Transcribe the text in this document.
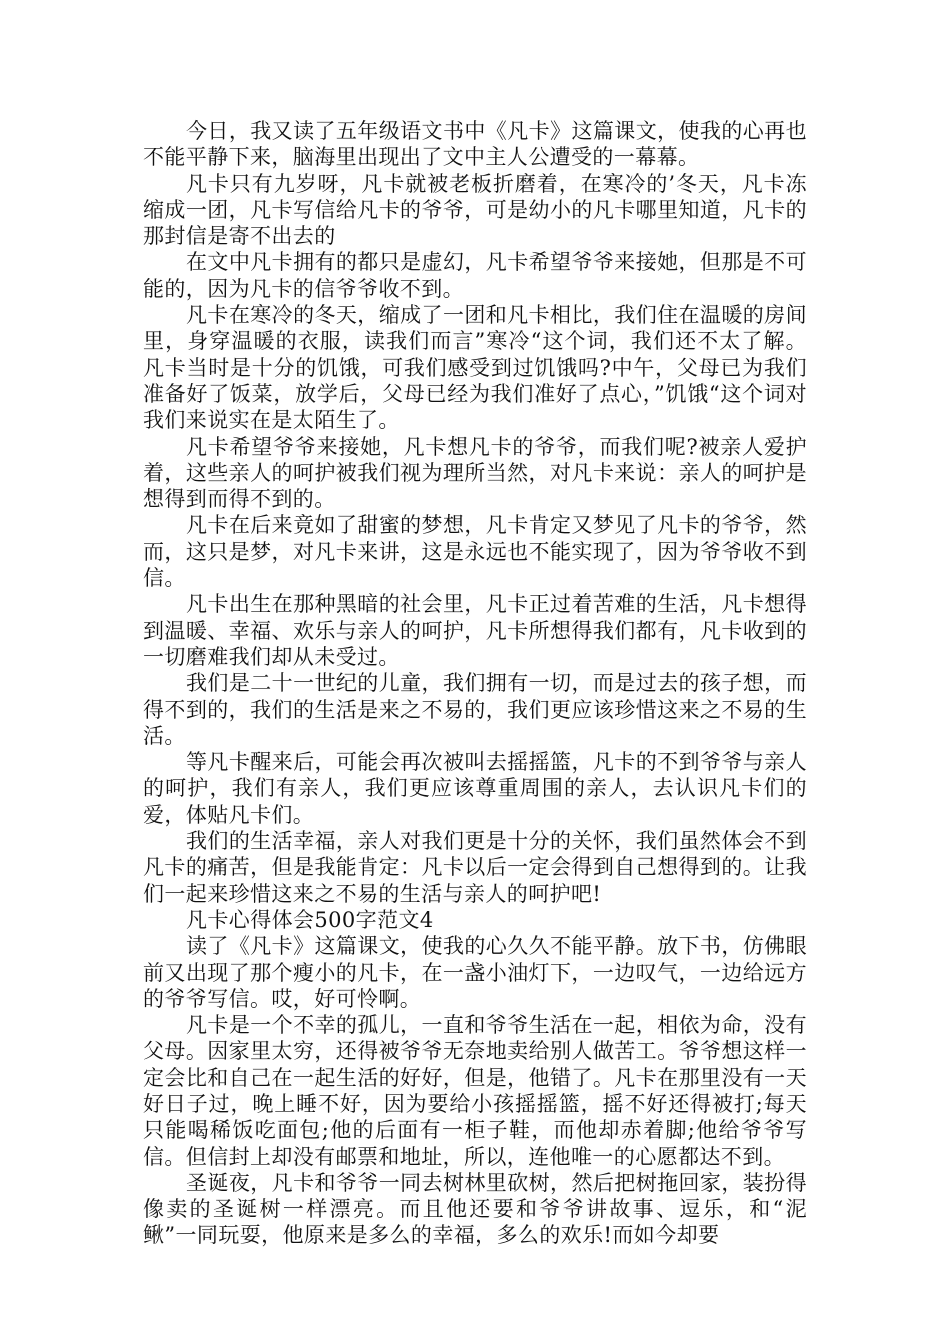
今日，我又读了五年级语文书中《凡卡》这篇课文，使我的心再也不能平静下来，脑海里出现出了文中主人公遭受的一幕幕。

凡卡只有九岁呀，凡卡就被老板折磨着，在寒冷的’冬天，凡卡冻缩成一团，凡卡写信给凡卡的爷爷，可是幼小的凡卡哪里知道，凡卡的那封信是寄不出去的

在文中凡卡拥有的都只是虚幻，凡卡希望爷爷来接她，但那是不可能的，因为凡卡的信爷爷收不到。

凡卡在寒冷的冬天，缩成了一团和凡卡相比，我们住在温暖的房间里，身穿温暖的衣服，读我们而言”寒冷“这个词，我们还不太了解。凡卡当时是十分的饥饿，可我们感受到过饥饿吗?中午，父母已为我们准备好了饭菜，放学后，父母已经为我们准好了点心，”饥饿“这个词对我们来说实在是太陌生了。

凡卡希望爷爷来接她，凡卡想凡卡的爷爷，而我们呢?被亲人爱护着，这些亲人的呵护被我们视为理所当然，对凡卡来说：亲人的呵护是想得到而得不到的。

凡卡在后来竟如了甜蜜的梦想，凡卡肯定又梦见了凡卡的爷爷，然而，这只是梦，对凡卡来讲，这是永远也不能实现了，因为爷爷收不到信。

凡卡出生在那种黑暗的社会里，凡卡正过着苦难的生活，凡卡想得到温暖、幸福、欢乐与亲人的呵护，凡卡所想得我们都有，凡卡收到的一切磨难我们却从未受过。

我们是二十一世纪的儿童，我们拥有一切，而是过去的孩子想，而得不到的，我们的生活是来之不易的，我们更应该珍惜这来之不易的生活。

等凡卡醒来后，可能会再次被叫去摇摇篮，凡卡的不到爷爷与亲人的呵护，我们有亲人，我们更应该尊重周围的亲人，去认识凡卡们的爱，体贴凡卡们。

我们的生活幸福，亲人对我们更是十分的关怀，我们虽然体会不到凡卡的痛苦，但是我能肯定：凡卡以后一定会得到自己想得到的。让我们一起来珍惜这来之不易的生活与亲人的呵护吧!

凡卡心得体会500字范文4

读了《凡卡》这篇课文，使我的心久久不能平静。放下书，仿佛眼前又出现了那个瘦小的凡卡，在一盏小油灯下，一边叹气，一边给远方的爷爷写信。哎，好可怜啊。

凡卡是一个不幸的孤儿，一直和爷爷生活在一起，相依为命，没有父母。因家里太穷，还得被爷爷无奈地卖给别人做苦工。爷爷想这样一定会比和自己在一起生活的好好，但是，他错了。凡卡在那里没有一天好日子过，晚上睡不好，因为要给小孩摇摇篮，摇不好还得被打;每天只能喝稀饭吃面包;他的后面有一柜子鞋，而他却赤着脚;他给爷爷写信。但信封上却没有邮票和地址，所以，连他唯一的心愿都达不到。

圣诞夜，凡卡和爷爷一同去树林里砍树，然后把树拖回家，装扮得像卖的圣诞树一样漂亮。而且他还要和爷爷讲故事、逗乐，和“泥鳅”一同玩耍，他原来是多么的幸福，多么的欢乐!而如今却要
